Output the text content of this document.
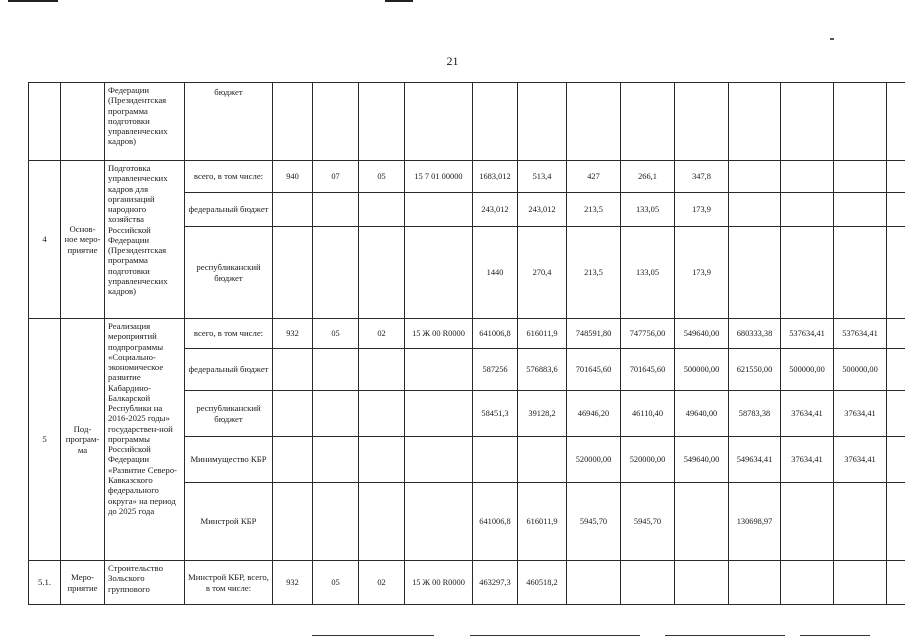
21
		Федерации (Президентская программа подготовки управленческих кадров)	бюджет													
4	Основ-ное меро-приятие	Подготовка управленческих кадров для организаций народного хозяйства Российской Федерации (Президентская программа подготовки управленческих кадров)	всего, в том числе:	940	07	05	15 7 01 00000	1683,012	513,4	427	266,1	347,8				
			федеральный бюджет					243,012	243,012	213,5	133,05	173,9				
			республиканский бюджет					1440	270,4	213,5	133,05	173,9				
5	Под-програм-ма	Реализация мероприятий подпрограммы «Социально-экономическое развитие Кабардино-Балкарской Республики на 2016-2025 годы» государствен-ной программы Российской Федерации «Развитие Северо-Кавказского федерального округа» на период до 2025 года	всего, в том числе:	932	05	02	15 Ж 00 R0000	641006,8	616011,9	748591,80	747756,00	549640,00	680333,38	537634,41	537634,41	
			федеральный бюджет					587256	576883,6	701645,60	701645,60	500000,00	621550,00	500000,00	500000,00	
			республиканский бюджет					58451,3	39128,2	46946,20	46110,40	49640,00	58783,38	37634,41	37634,41	
			Минимущество КБР							520000,00	520000,00	549640,00	549634,41	37634,41	37634,41	
			Минстрой КБР					641006,8	616011,9	5945,70	5945,70		130698,97			
5.1.	Меро-приятие	Строительство Зольского группового	Минстрой КБР, всего, в том числе:	932	05	02	15 Ж 00 R0000	463297,3	460518,2							
